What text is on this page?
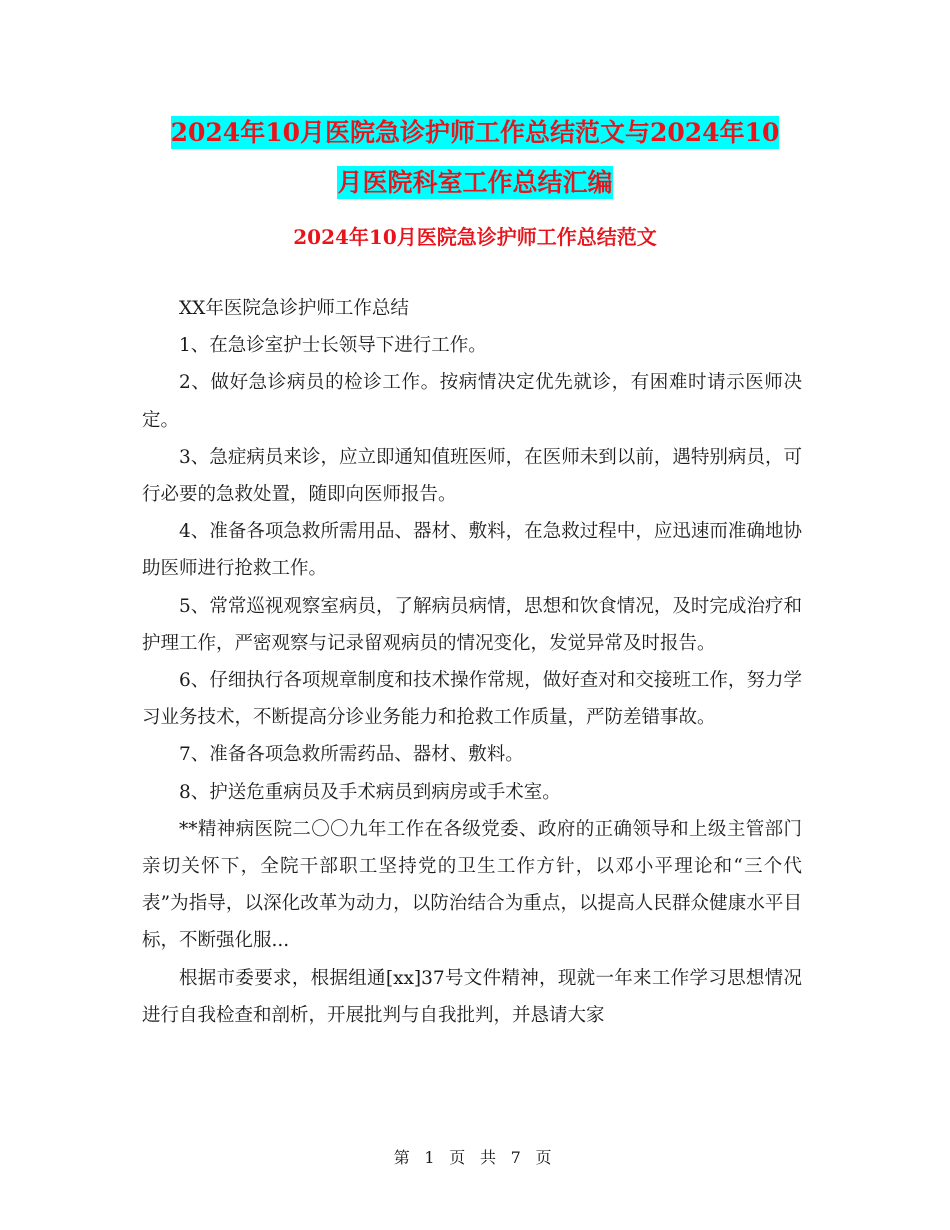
2024年10月医院急诊护师工作总结范文与2024年10
月医院科室工作总结汇编
2024年10月医院急诊护师工作总结范文

XX年医院急诊护师工作总结

1、在急诊室护士长领导下进行工作。

2、做好急诊病员的检诊工作。按病情决定优先就诊，有困难时请示医师决定。

3、急症病员来诊，应立即通知值班医师，在医师未到以前，遇特别病员，可行必要的急救处置，随即向医师报告。

4、准备各项急救所需用品、器材、敷料，在急救过程中，应迅速而准确地协助医师进行抢救工作。

5、常常巡视观察室病员，了解病员病情，思想和饮食情况，及时完成治疗和护理工作，严密观察与记录留观病员的情况变化，发觉异常及时报告。

6、仔细执行各项规章制度和技术操作常规，做好查对和交接班工作，努力学习业务技术，不断提高分诊业务能力和抢救工作质量，严防差错事故。

7、准备各项急救所需药品、器材、敷料。

8、护送危重病员及手术病员到病房或手术室。

**精神病医院二〇〇九年工作在各级党委、政府的正确领导和上级主管部门亲切关怀下，全院干部职工坚持党的卫生工作方针，以邓小平理论和“三个代表”为指导，以深化改革为动力，以防治结合为重点，以提高人民群众健康水平目标，不断强化服...

根据市委要求，根据组通[xx]37号文件精神，现就一年来工作学习思想情况进行自我检查和剖析，开展批判与自我批判，并恳请大家

第 1 页 共 7 页
